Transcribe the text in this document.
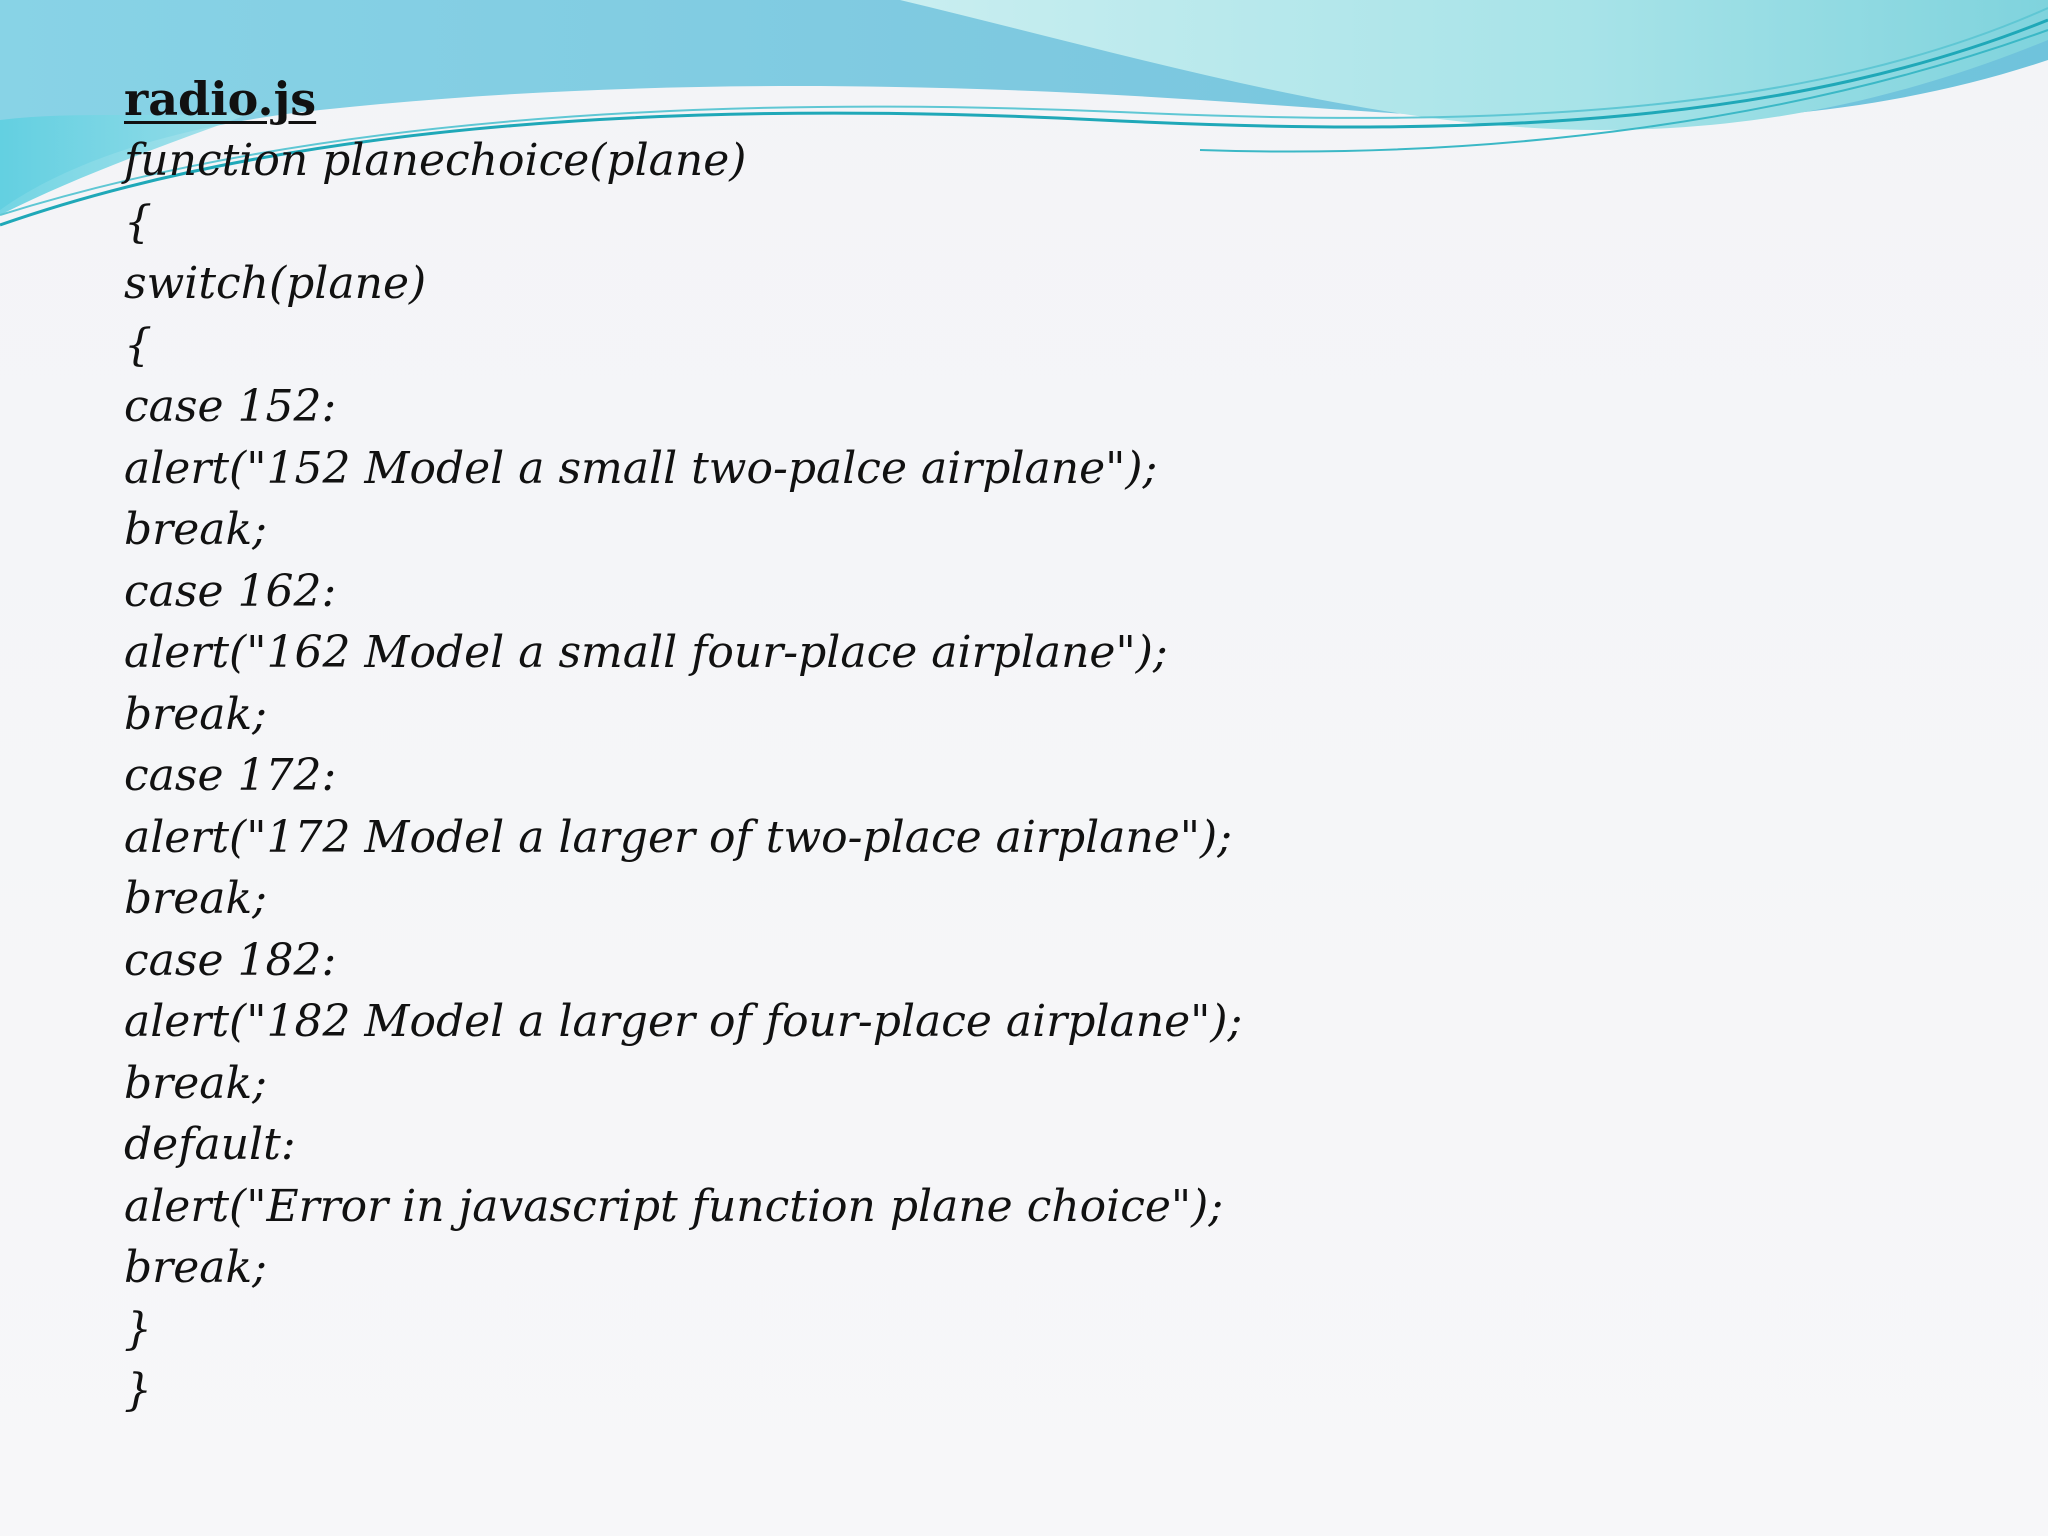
radio.js
function planechoice(plane)
{
switch(plane)
{
case 152:
alert("152 Model a small two-palce airplane");
break;
case 162:
alert("162 Model a small four-place airplane");
break;
case 172:
alert("172 Model a larger of two-place airplane");
break;
case 182:
alert("182 Model a larger of four-place airplane");
break;
default:
alert("Error in javascript function plane choice");
break;
}
}
